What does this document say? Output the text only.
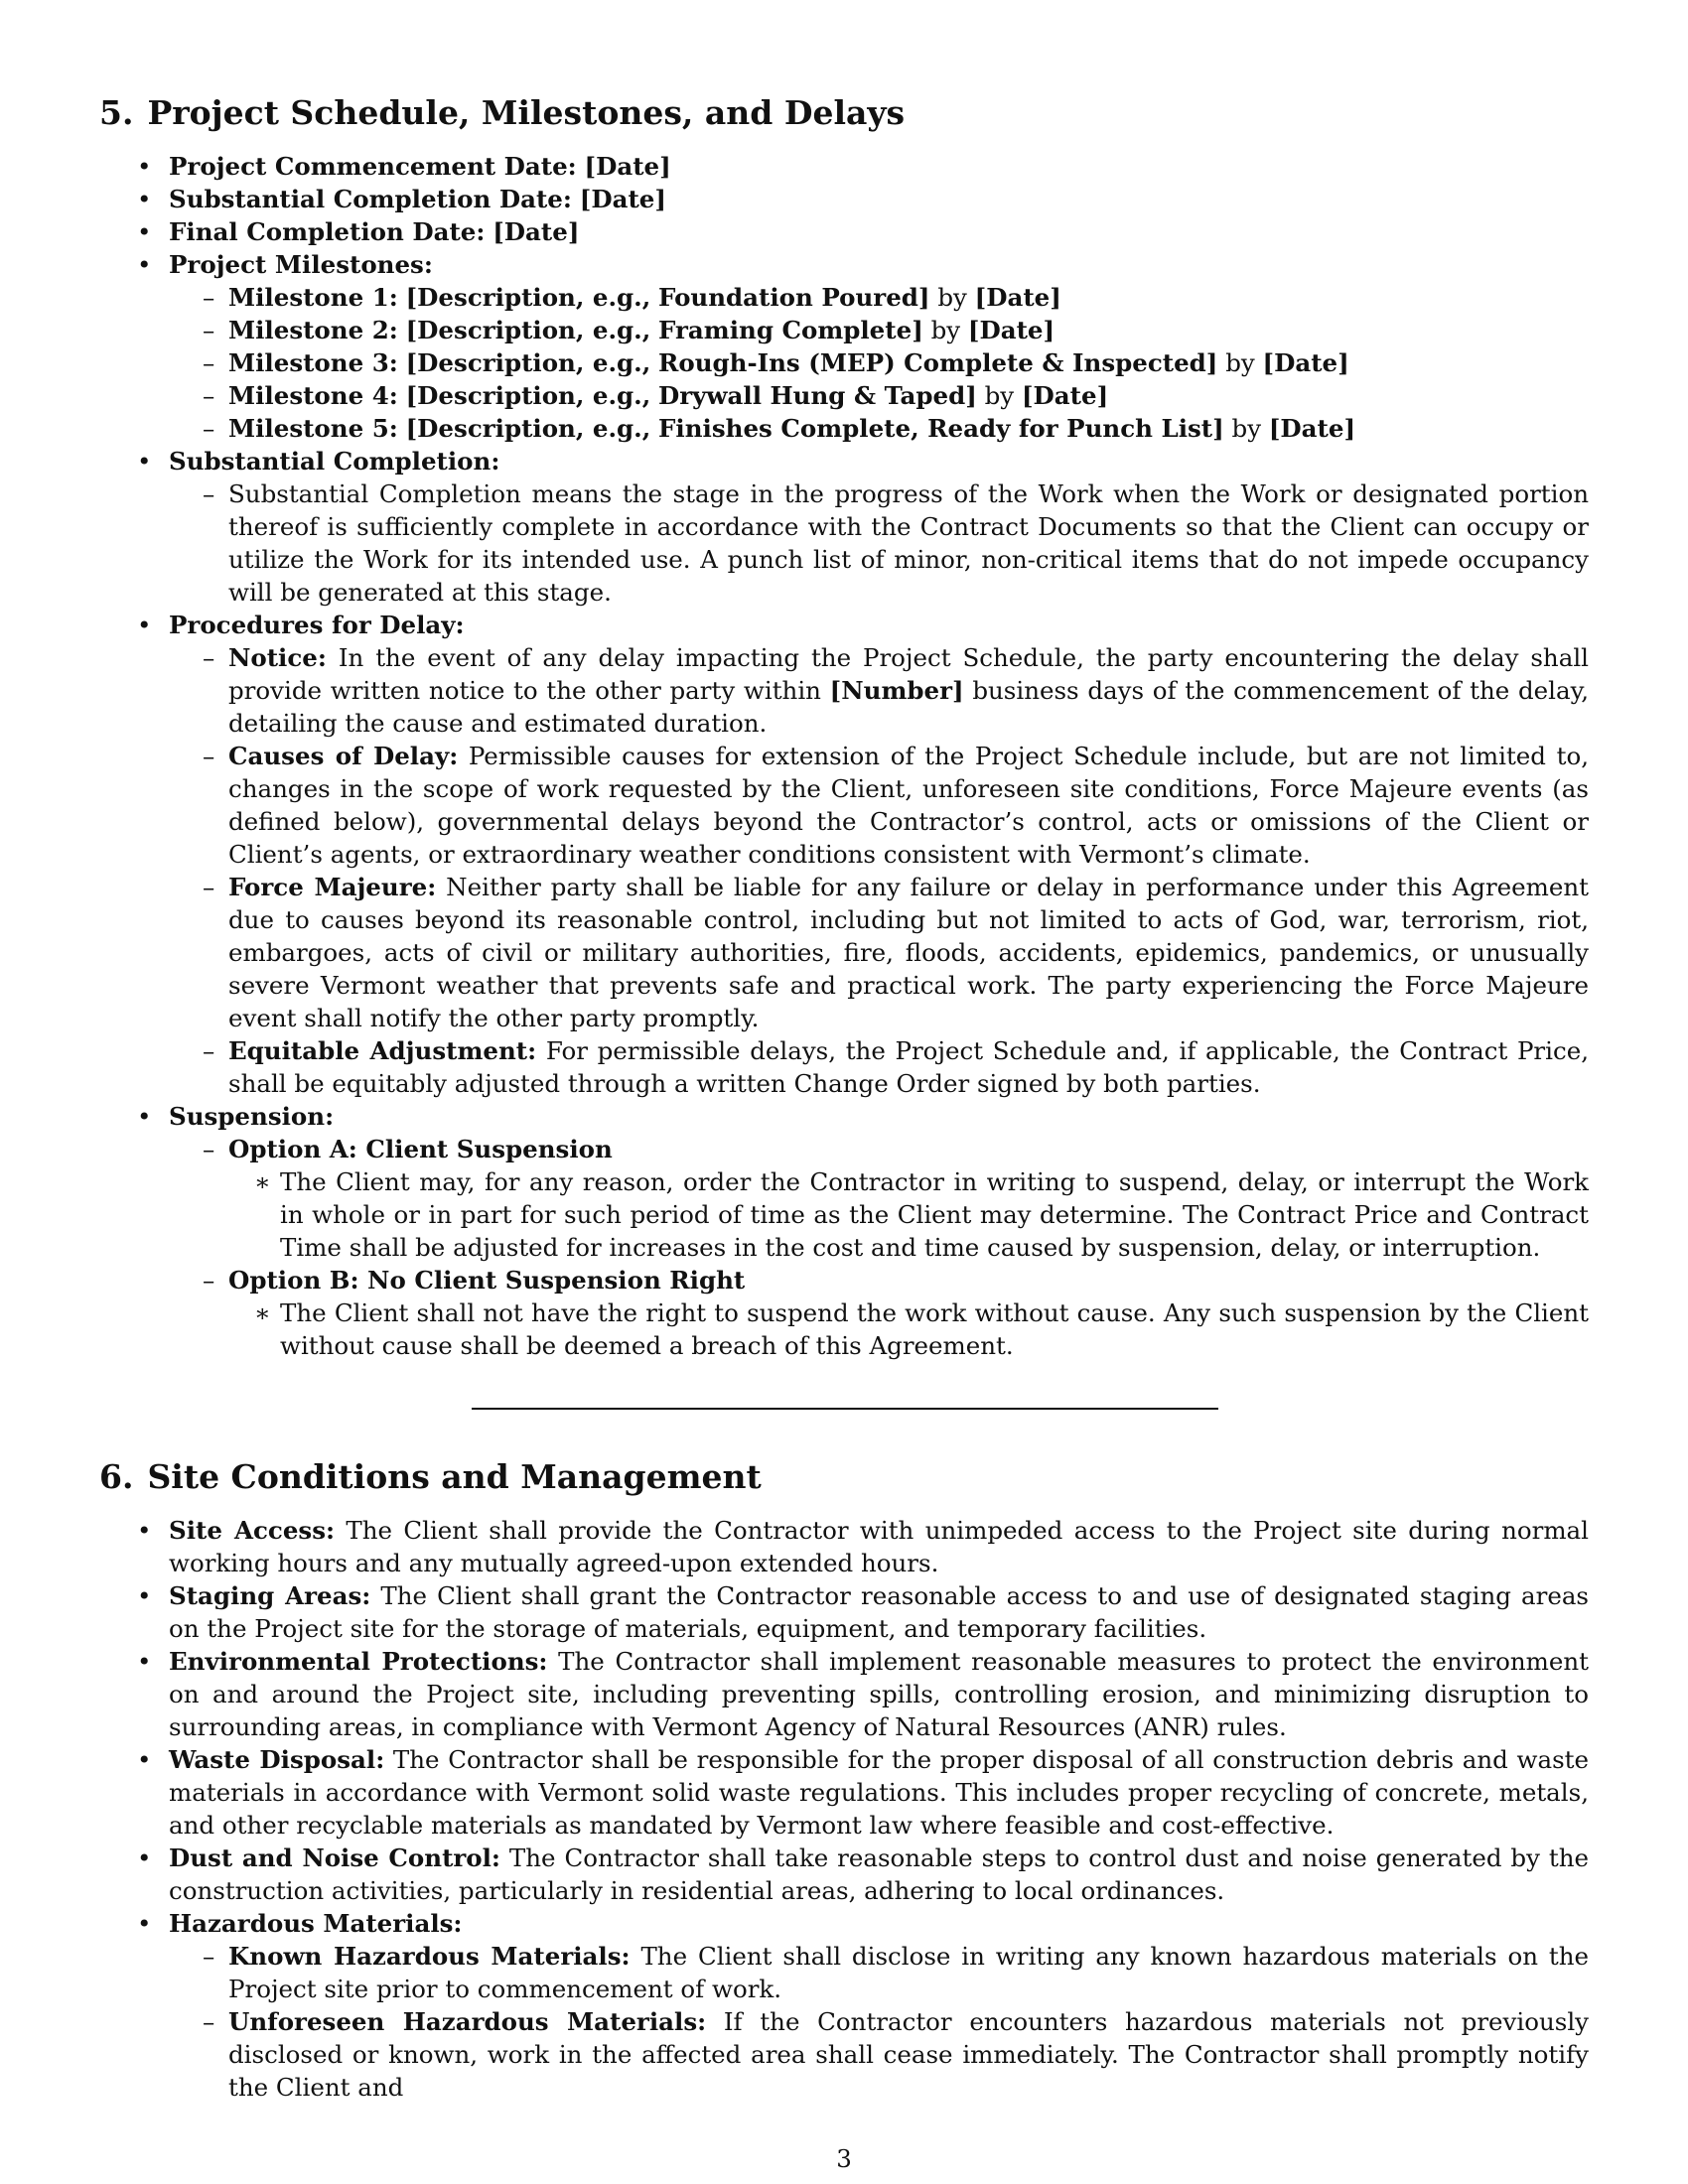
5. Project Schedule, Milestones, and Delays
• Project Commencement Date: [Date]
• Substantial Completion Date: [Date]
• Final Completion Date: [Date]
• Project Milestones:
– Milestone 1: [Description, e.g., Foundation Poured] by [Date]
– Milestone 2: [Description, e.g., Framing Complete] by [Date]
– Milestone 3: [Description, e.g., Rough-Ins (MEP) Complete & Inspected] by [Date]
– Milestone 4: [Description, e.g., Drywall Hung & Taped] by [Date]
– Milestone 5: [Description, e.g., Finishes Complete, Ready for Punch List] by [Date]
• Substantial Completion:
– Substantial Completion means the stage in the progress of the Work when the Work or designated portion thereof is sufficiently complete in accordance with the Contract Documents so that the Client can occupy or utilize the Work for its intended use. A punch list of minor, non-critical items that do not impede occupancy will be generated at this stage.
• Procedures for Delay:
– Notice: In the event of any delay impacting the Project Schedule, the party encountering the delay shall provide written notice to the other party within [Number] business days of the commencement of the delay, detailing the cause and estimated duration.
– Causes of Delay: Permissible causes for extension of the Project Schedule include, but are not limited to, changes in the scope of work requested by the Client, unforeseen site conditions, Force Majeure events (as defined below), governmental delays beyond the Contractor’s control, acts or omissions of the Client or Client’s agents, or extraordinary weather conditions consistent with Vermont’s climate.
– Force Majeure: Neither party shall be liable for any failure or delay in performance under this Agreement due to causes beyond its reasonable control, including but not limited to acts of God, war, terrorism, riot, embargoes, acts of civil or military authorities, fire, floods, accidents, epidemics, pandemics, or unusually severe Vermont weather that prevents safe and practical work. The party experiencing the Force Majeure event shall notify the other party promptly.
– Equitable Adjustment: For permissible delays, the Project Schedule and, if applicable, the Contract Price, shall be equitably adjusted through a written Change Order signed by both parties.
• Suspension:
– Option A: Client Suspension
∗ The Client may, for any reason, order the Contractor in writing to suspend, delay, or interrupt the Work in whole or in part for such period of time as the Client may determine. The Contract Price and Contract Time shall be adjusted for increases in the cost and time caused by suspension, delay, or interruption.
– Option B: No Client Suspension Right
∗ The Client shall not have the right to suspend the work without cause. Any such suspension by the Client without cause shall be deemed a breach of this Agreement.
6. Site Conditions and Management
• Site Access: The Client shall provide the Contractor with unimpeded access to the Project site during normal working hours and any mutually agreed-upon extended hours.
• Staging Areas: The Client shall grant the Contractor reasonable access to and use of designated staging areas on the Project site for the storage of materials, equipment, and temporary facilities.
• Environmental Protections: The Contractor shall implement reasonable measures to protect the environment on and around the Project site, including preventing spills, controlling erosion, and minimizing disruption to surrounding areas, in compliance with Vermont Agency of Natural Resources (ANR) rules.
• Waste Disposal: The Contractor shall be responsible for the proper disposal of all construction debris and waste materials in accordance with Vermont solid waste regulations. This includes proper recycling of concrete, metals, and other recyclable materials as mandated by Vermont law where feasible and cost-effective.
• Dust and Noise Control: The Contractor shall take reasonable steps to control dust and noise generated by the construction activities, particularly in residential areas, adhering to local ordinances.
• Hazardous Materials:
– Known Hazardous Materials: The Client shall disclose in writing any known hazardous materials on the Project site prior to commencement of work.
– Unforeseen Hazardous Materials: If the Contractor encounters hazardous materials not previously disclosed or known, work in the affected area shall cease immediately. The Contractor shall promptly notify the Client and
3
